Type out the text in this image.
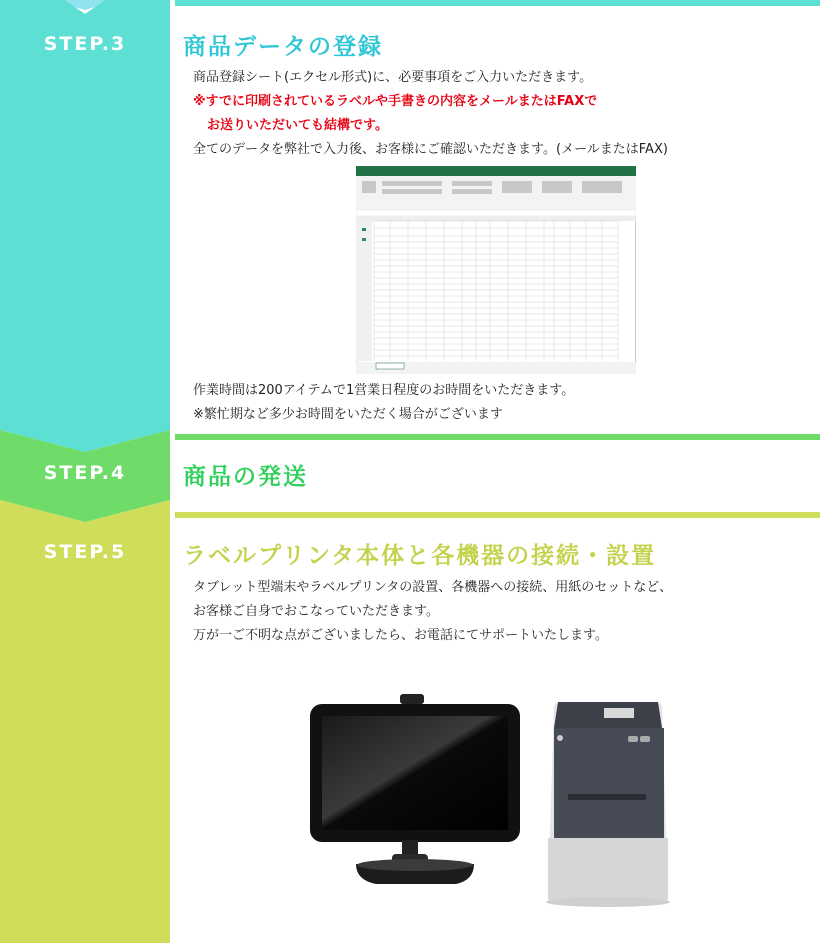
STEP.3
STEP.4
STEP.5
商品データの登録
商品登録シート(エクセル形式)に、必要事項をご入力いただきます。
※すでに印刷されているラベルや手書きの内容をメールまたはFAXで
お送りいただいても結構です。
全てのデータを弊社で入力後、お客様にご確認いただきます。(メールまたはFAX)
作業時間は200アイテムで1営業日程度のお時間をいただきます。
※繁忙期など多少お時間をいただく場合がございます
商品の発送
ラベルプリンタ本体と各機器の接続・設置
タブレット型端末やラベルプリンタの設置、各機器への接続、用紙のセットなど、
お客様ご自身でおこなっていただきます。
万が一ご不明な点がございましたら、お電話にてサポートいたします。
